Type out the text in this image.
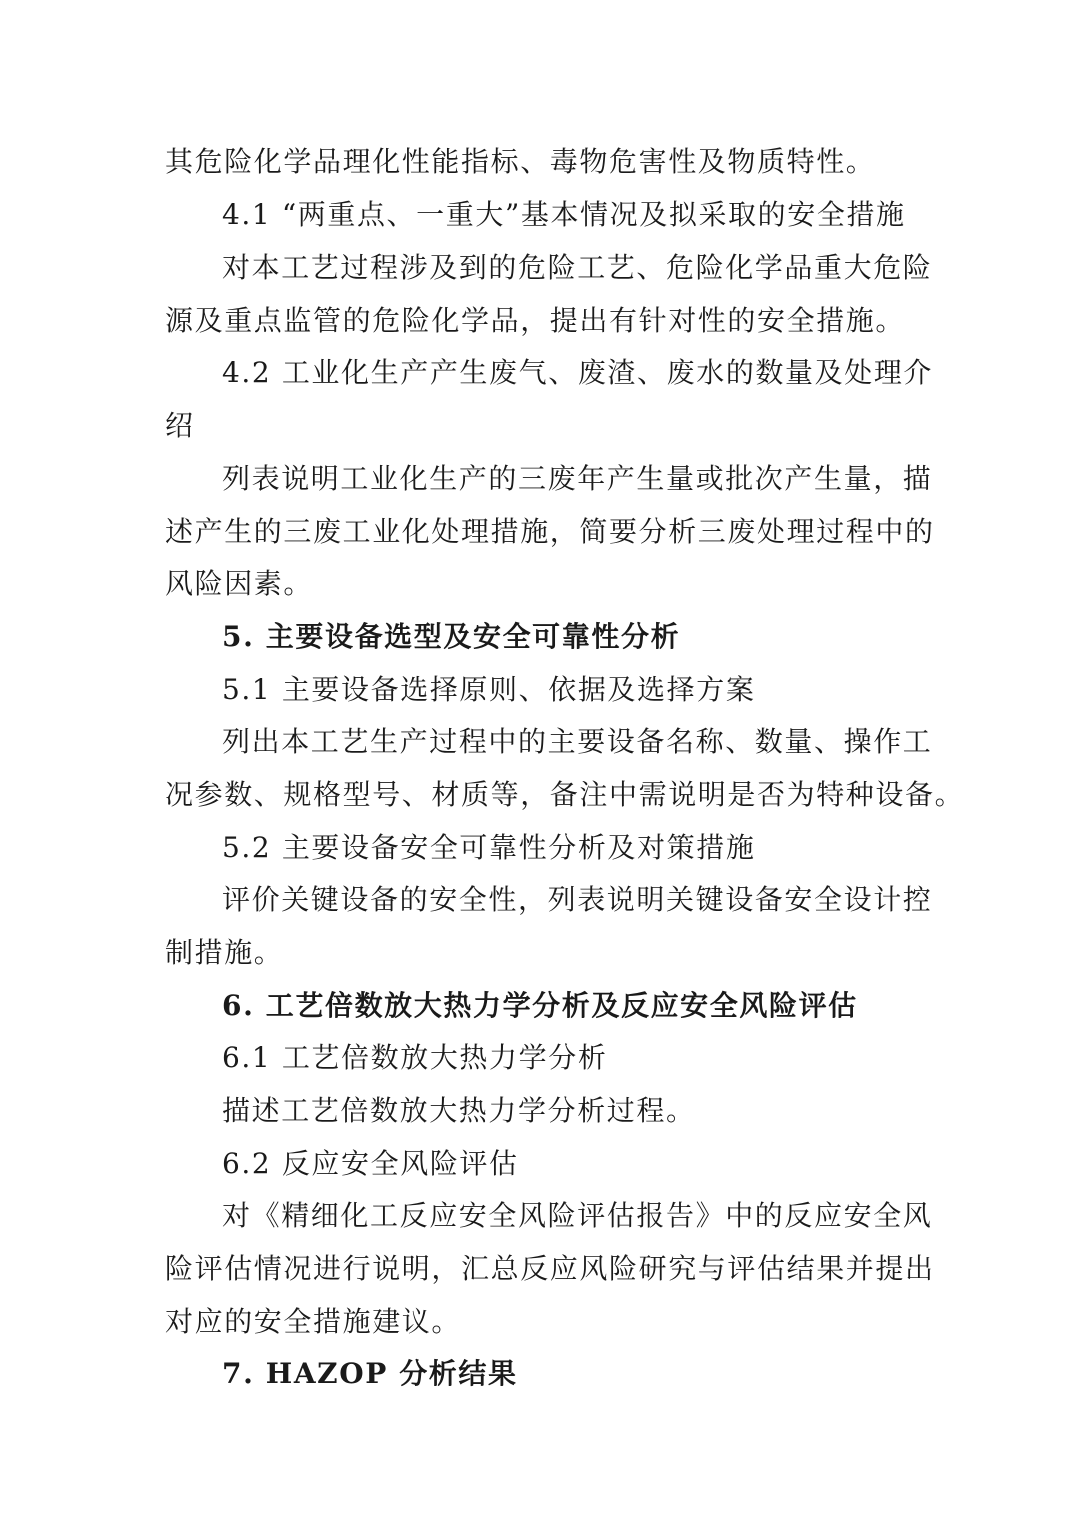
其危险化学品理化性能指标、毒物危害性及物质特性。
4.1 “两重点、一重大”基本情况及拟采取的安全措施
对本工艺过程涉及到的危险工艺、危险化学品重大危险
源及重点监管的危险化学品，提出有针对性的安全措施。
4.2 工业化生产产生废气、废渣、废水的数量及处理介
绍
列表说明工业化生产的三废年产生量或批次产生量，描
述产生的三废工业化处理措施，简要分析三废处理过程中的
风险因素。
5. 主要设备选型及安全可靠性分析
5.1 主要设备选择原则、依据及选择方案
列出本工艺生产过程中的主要设备名称、数量、操作工
况参数、规格型号、材质等，备注中需说明是否为特种设备。
5.2 主要设备安全可靠性分析及对策措施
评价关键设备的安全性，列表说明关键设备安全设计控
制措施。
6. 工艺倍数放大热力学分析及反应安全风险评估
6.1 工艺倍数放大热力学分析
描述工艺倍数放大热力学分析过程。
6.2 反应安全风险评估
对《精细化工反应安全风险评估报告》中的反应安全风
险评估情况进行说明，汇总反应风险研究与评估结果并提出
对应的安全措施建议。
7. HAZOP 分析结果
